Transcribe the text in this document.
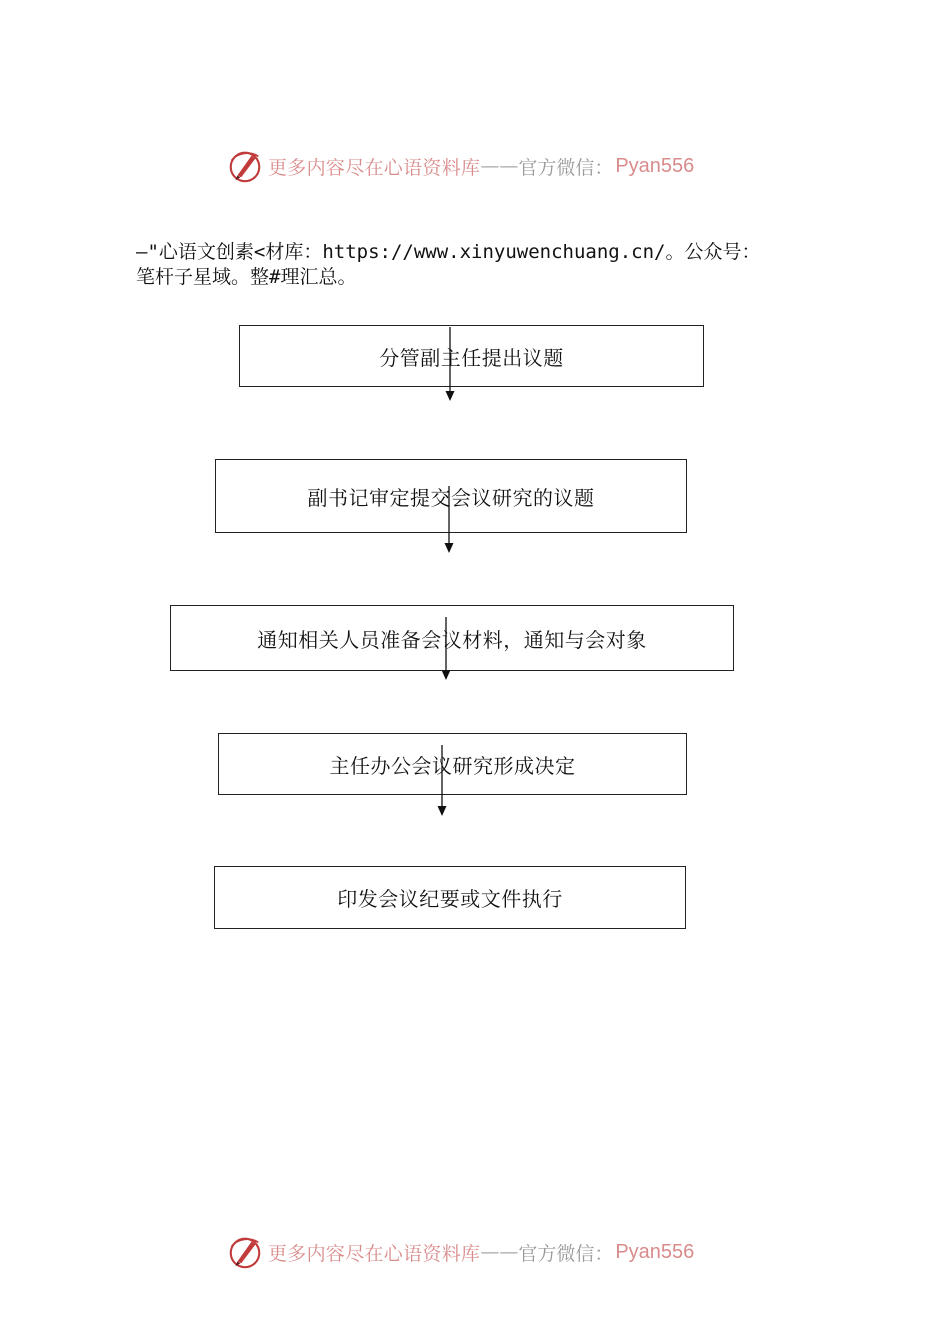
更多内容尽在心语资料库 —— 官方微信： Pyan556

—"心语文创素<材库：https://www.xinyuwenchuang.cn/。公众号：

笔杆子星域。整#理汇总。

分管副主任提出议题
副书记审定提交会议研究的议题
通知相关人员准备会议材料，通知与会对象
主任办公会议研究形成决定
印发会议纪要或文件执行
更多内容尽在心语资料库 —— 官方微信： Pyan556
